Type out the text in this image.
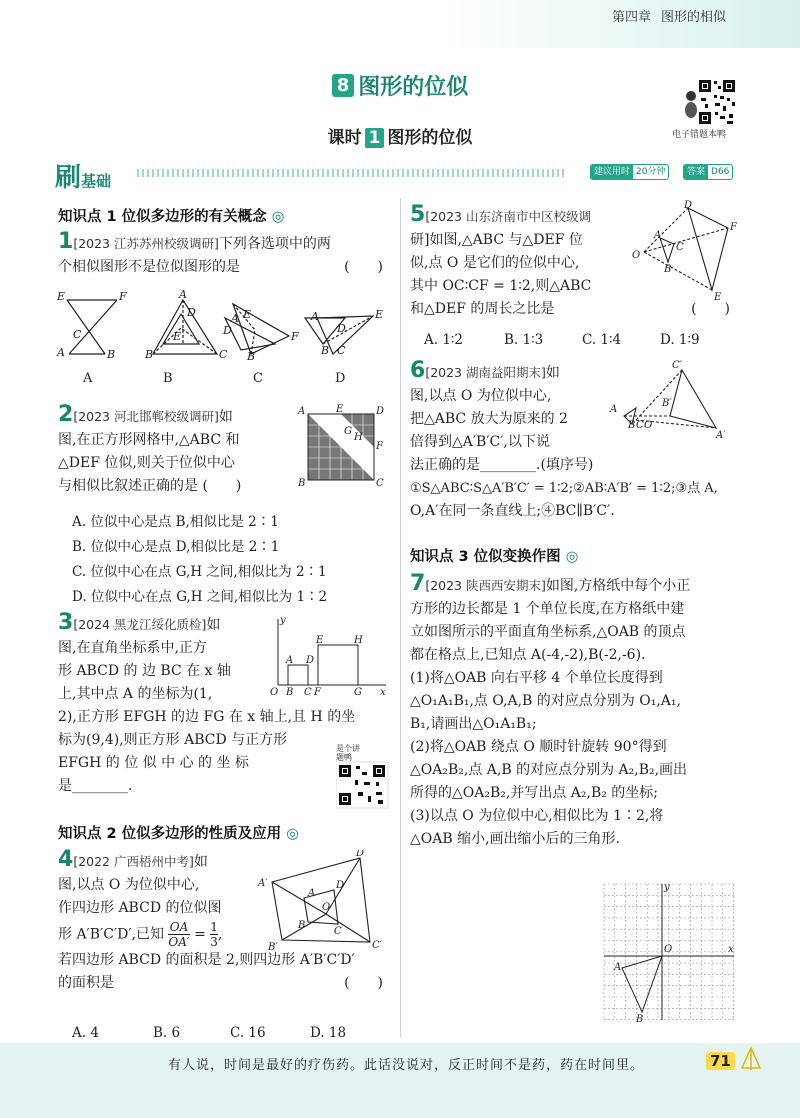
第四章 图形的相似
8 图形的位似
电子错题本鸭
课时 1 图形的位似
刷基础	建议用时 20分钟	答案 D66
知识点 1 位似多边形的有关概念 ◎
1[2023 江苏苏州校级调研]下列各选项中的两
个相似图形不是位似图形的是	(　　)
E	F
A	B
C
A
B	C
D
E
A E
D	F
B
A	E
B
D
C
A	B	C	D
2[2023 河北邯郸校级调研]如
图,在正方形网格中,△ABC 和
△DEF 位似,则关于位似中心
与相似比叙述正确的是 (　　)
A	E	D
B	C
G
H
F
A. 位似中心是点 B,相似比是 2∶1
B. 位似中心是点 D,相似比是 2∶1
C. 位似中心在点 G,H 之间,相似比为 2∶1
D. 位似中心在点 G,H 之间,相似比为 1∶2
3[2024 黑龙江绥化质检]如
图,在直角坐标系中,正方
形 ABCD 的 边 BC 在 x 轴
上,其中点 A 的坐标为(1,
2),正方形 EFGH 的边 FG 在 x 轴上,且 H 的坐
标为(9,4),则正方形 ABCD 与正方形
EFGH 的 位 似 中 心 的 坐 标
是________.
O B C F	G
A D
E	H
x
y
是个讲题鸭
知识点 2 位似多边形的性质及应用 ◎
4[2022 广西梧州中考]如
图,以点 O 为位似中心,
作四边形 ABCD 的位似图
形 A′B′C′D′,已知 $\frac{OA}{OA'} = \frac{1}{3}$ ,
若四边形 ABCD 的面积是 2,则四边形 A′B′C′D′
的面积是	(　　)
A′
D′
C′
B′
A
D
C
B
O
A. 4	B. 6	C. 16	D. 18
5[2023 山东济南市中区校级调
研]如图,△ABC 与△DEF 位
似,点 O 是它们的位似中心,
其中 OC∶CF = 1∶2,则△ABC
和△DEF 的周长之比是	(　　)
D
F
E
A
C
B
O
A. 1∶2	B. 1∶3	C. 1∶4	D. 1∶9
6[2023 湖南益阳期末]如
图,以点 O 为位似中心,
把△ABC 放大为原来的 2
倍得到△A′B′C′,以下说
法正确的是________.(填序号)
①S△ABC∶S△A′B′C′ = 1∶2;②AB∶A′B′ = 1∶2;③点 A,
O,A′在同一条直线上;④BC∥B′C′.
C′
B′
A′
A
B C O
知识点 3 位似变换作图 ◎
7[2023 陕西西安期末]如图,方格纸中每个小正
方形的边长都是 1 个单位长度,在方格纸中建
立如图所示的平面直角坐标系,△OAB 的顶点
都在格点上,已知点 A(-4,-2),B(-2,-6).
(1)将△OAB 向右平移 4 个单位长度得到
△O₁A₁B₁,点 O,A,B 的对应点分别为 O₁,A₁,
B₁,请画出△O₁A₁B₁;
(2)将△OAB 绕点 O 顺时针旋转 90°得到
△OA₂B₂,点 A,B 的对应点分别为 A₂,B₂,画出
所得的△OA₂B₂,并写出点 A₂,B₂ 的坐标;
(3)以点 O 为位似中心,相似比为 1∶2,将
△OAB 缩小,画出缩小后的三角形.
O
A
B
x
y
有人说，时间是最好的疗伤药。此话没说对，反正时间不是药，药在时间里。	71
